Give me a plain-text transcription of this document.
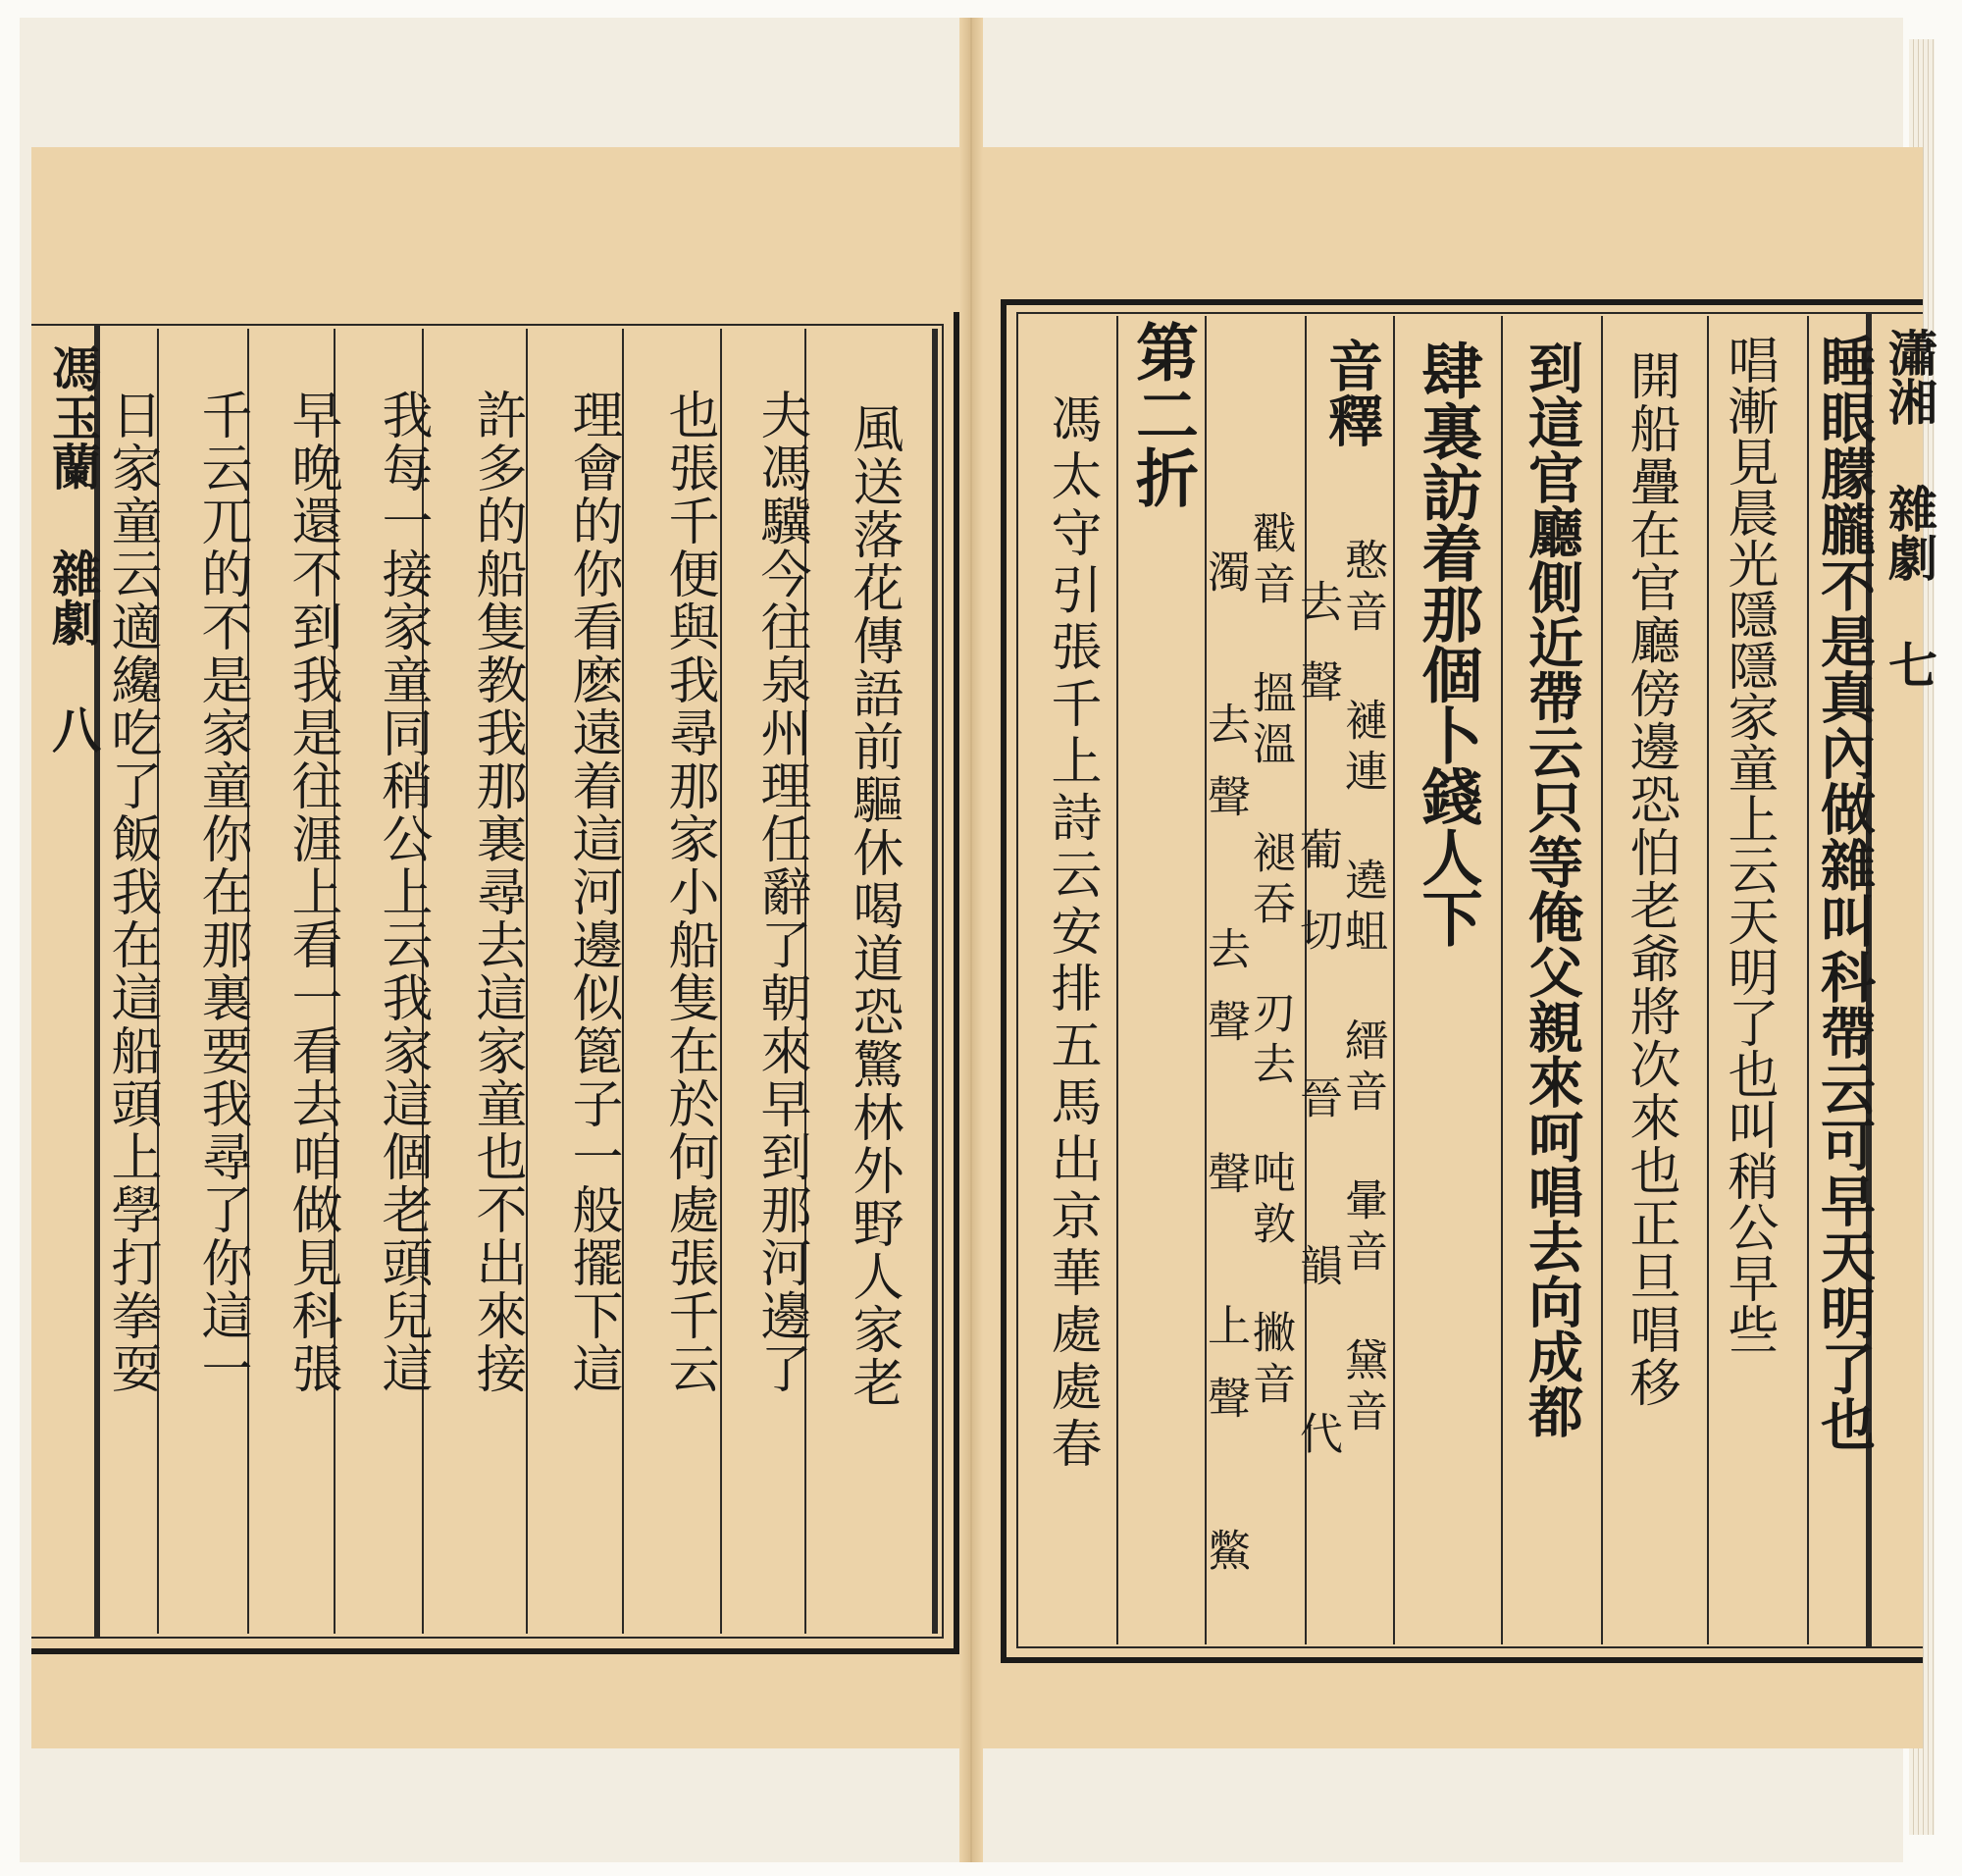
馮玉蘭 雜劇 八	風送落花傳語前驅休喝道恐驚林外野人家老
夫馮驥今往泉州理任辭了朝來早到那河邊了
也張千便與我尋那家小船隻在於何處張千云
理會的你看麽遠着這河邊似篦子一般擺下這
許多的船隻教我那裏尋去這家童也不出來接
我每一接家童同稍公上云我家這個老頭兒這
早晚還不到我是往涯上看一看去咱做見科張
千云兀的不是家童你在那裏要我尋了你這一
日家童云適纔吃了飯我在這船頭上學打拳耍	瀟湘 雜劇 七
睡眼朦朧不是真內做雜叫科帶云可早天明了也
唱漸見晨光隱隱家童上云天明了也叫稍公早些
開船疊在官廳傍邊恐怕老爺將次來也正旦唱移
到這官廳側近帶云只等俺父親來呵唱去向成都
肆裏訪着那個卜錢人下
音釋
第二折
馮太守引張千上詩云安排五馬出京華處處春	憨音 褳連 遶蛆 縉音 暈音 黛音
去聲 葡切 晉 韻 代
戳音 搵溫 褪吞 刃去 吨敦 撇音
濁 去聲 去聲 聲 上聲 鱉
